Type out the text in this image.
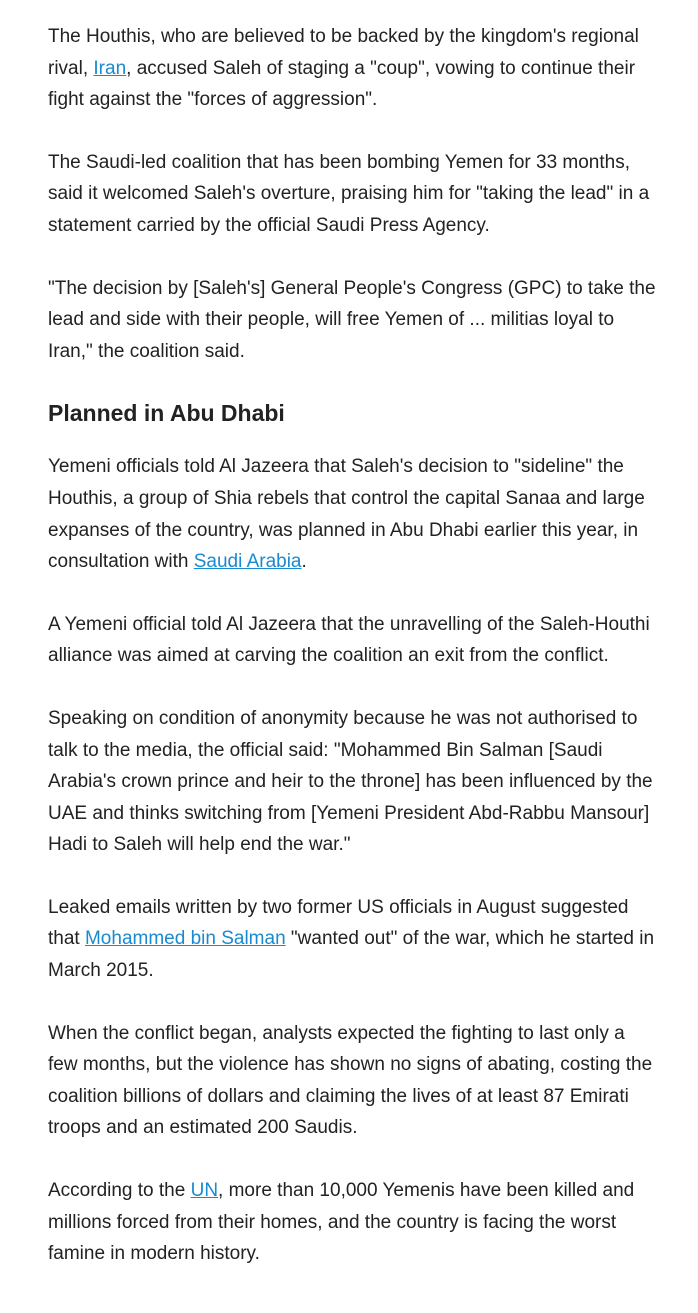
The Houthis, who are believed to be backed by the kingdom's regional rival, Iran, accused Saleh of staging a "coup", vowing to continue their fight against the "forces of aggression".

The Saudi-led coalition that has been bombing Yemen for 33 months, said it welcomed Saleh's overture, praising him for "taking the lead" in a statement carried by the official Saudi Press Agency.

"The decision by [Saleh's] General People's Congress (GPC) to take the lead and side with their people, will free Yemen of ... militias loyal to Iran," the coalition said.

Planned in Abu Dhabi

Yemeni officials told Al Jazeera that Saleh's decision to "sideline" the Houthis, a group of Shia rebels that control the capital Sanaa and large expanses of the country, was planned in Abu Dhabi earlier this year, in consultation with Saudi Arabia.

A Yemeni official told Al Jazeera that the unravelling of the Saleh-Houthi alliance was aimed at carving the coalition an exit from the conflict.

Speaking on condition of anonymity because he was not authorised to talk to the media, the official said: "Mohammed Bin Salman [Saudi Arabia's crown prince and heir to the throne] has been influenced by the UAE and thinks switching from [Yemeni President Abd-Rabbu Mansour] Hadi to Saleh will help end the war."

Leaked emails written by two former US officials in August suggested that Mohammed bin Salman "wanted out" of the war, which he started in March 2015.

When the conflict began, analysts expected the fighting to last only a few months, but the violence has shown no signs of abating, costing the coalition billions of dollars and claiming the lives of at least 87 Emirati troops and an estimated 200 Saudis.

According to the UN, more than 10,000 Yemenis have been killed and millions forced from their homes, and the country is facing the worst famine in modern history.
